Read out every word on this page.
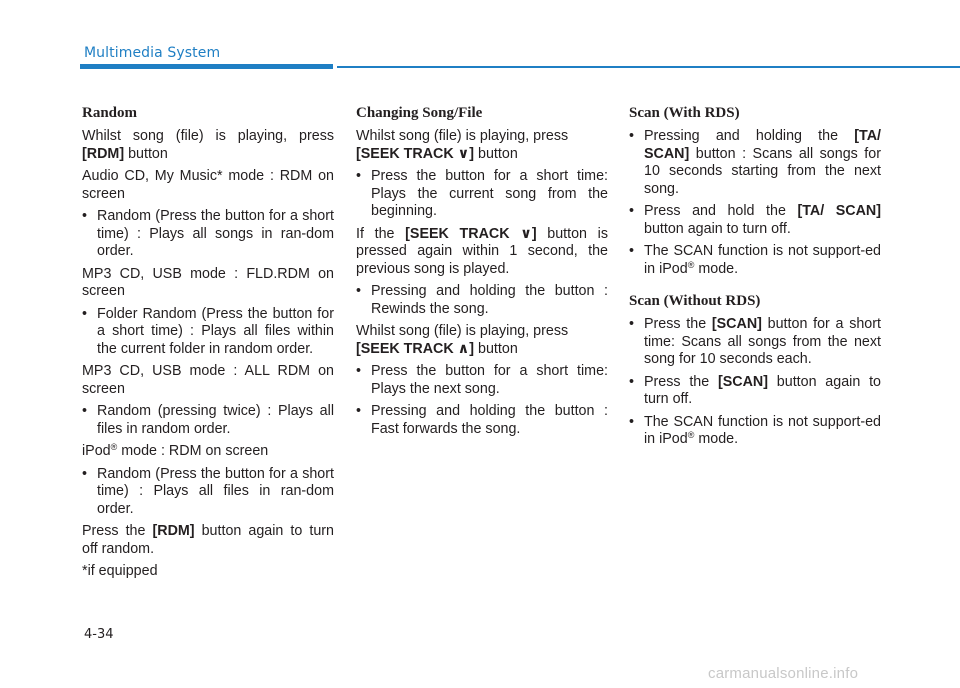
Multimedia System
Random

Whilst song (file) is playing, press [RDM] button

Audio CD, My Music* mode : RDM on screen

• Random (Press the button for a short time) : Plays all songs in ran-dom order.

MP3 CD, USB mode : FLD.RDM on screen

• Folder Random (Press the button for a short time) : Plays all files within the current folder in random order.

MP3 CD, USB mode : ALL RDM on screen

• Random (pressing twice) : Plays all files in random order.

iPod® mode : RDM on screen

• Random (Press the button for a short time) : Plays all files in ran-dom order.

Press the [RDM] button again to turn off random.

*if equipped

Changing Song/File

Whilst song (file) is playing, press
[SEEK TRACK ∨] button

• Press the button for a short time: Plays the current song from the beginning.

If the [SEEK TRACK ∨] button is pressed again within 1 second, the previous song is played.

• Pressing and holding the button : Rewinds the song.

Whilst song (file) is playing, press
[SEEK TRACK ∧] button

• Press the button for a short time: Plays the next song.
• Pressing and holding the button : Fast forwards the song.
Scan (With RDS)
• Pressing and holding the [TA/ SCAN] button : Scans all songs for 10 seconds starting from the next song.
• Press and hold the [TA/ SCAN] button again to turn off.
• The SCAN function is not support-ed in iPod® mode.
Scan (Without RDS)
• Press the [SCAN] button for a short time: Scans all songs from the next song for 10 seconds each.
• Press the [SCAN] button again to turn off.
• The SCAN function is not support-ed in iPod® mode.
4-34
carmanualsonline.info
